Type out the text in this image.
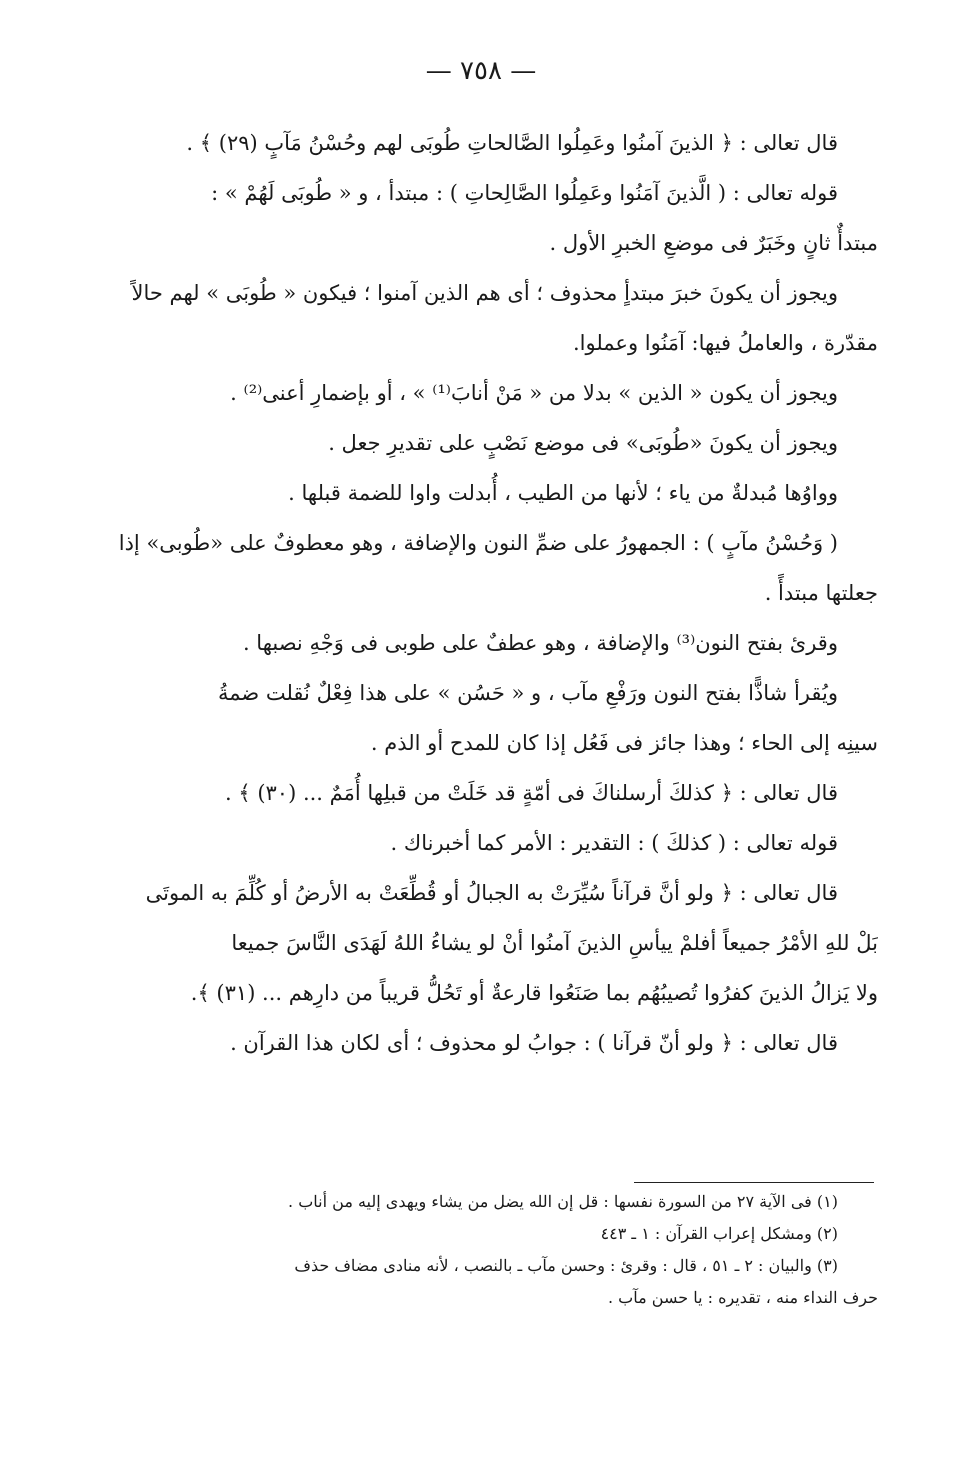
— ٧٥٨ —
قال تعالى : ﴿ الذينَ آمنُوا وعَمِلُوا الصَّالحاتِ طُوبَى لهم وحُسْنُ مَآبٍ (٢٩) ﴾ .
قوله تعالى : ( الَّذينَ آمَنُوا وعَمِلُوا الصَّالِحاتِ ) : مبتدأ ، و « طُوبَى لَهُمْ » :
مبتدأٌ ثانٍ وخَبَرٌ فى موضعِ الخبرِ الأول .
ويجوز أن يكونَ خبرَ مبتدأٍ محذوف ؛ أى هم الذين آمنوا ؛ فيكون « طُوبَى » لهم حالاً
مقدّرة ، والعاملُ فيها: آمَنُوا وعملوا.
ويجوز أن يكون « الذين » بدلا من « مَنْ أنابَ⁽¹⁾ » ، أو بإضمارِ أعنى⁽²⁾ .
ويجوز أن يكونَ «طُوبَى» فى موضع نَصْبٍ على تقديرِ جعل .
وواوُها مُبدلةٌ من ياء ؛ لأنها من الطيب ، أُبدلت واوا للضمة قبلها .
( وَحُسْنُ مآبٍ ) : الجمهورُ على ضمِّ النون والإضافة ، وهو معطوفٌ على «طُوبى» إذا
جعلتها مبتدأً .
وقرئ بفتح النون⁽³⁾ والإضافة ، وهو عطفٌ على طوبى فى وَجْهِ نصبها .
ويُقرأ شاذًّا بفتح النون ورَفْعِ مآب ، و « حَسُن » على هذا فِعْلٌ نُقلت ضمةُ
سينِه إلى الحاء ؛ وهذا جائز فى فَعُل إذا كان للمدح أو الذم .
قال تعالى : ﴿ كذلكَ أرسلناكَ فى أمّةٍ قد خَلَتْ من قبلِها أُمَمٌ ... (٣٠) ﴾ .
قوله تعالى : ( كذلكَ ) : التقدير : الأمر كما أخبرناك .
قال تعالى : ﴿ ولو أنَّ قرآناً سُيِّرَتْ به الجبالُ أو قُطِّعَتْ به الأرضُ أو كُلِّمَ به الموتَى
بَلْ للهِ الأمْرُ جميعاً أفلمْ ييأسِ الذينَ آمنُوا أنْ لو يشاءُ اللهُ لَهَدَى النَّاسَ جميعا
ولا يَزالُ الذينَ كفرُوا تُصيبُهُم بما صَنَعُوا قارعةٌ أو تَحُلُّ قريباً من دارِهم ... (٣١) ﴾.
قال تعالى : ﴿ ولو أنّ قرآنا ) : جوابُ لو محذوف ؛ أى لكان هذا القرآن .
(١) فى الآية ٢٧ من السورة نفسها : قل إن الله يضل من يشاء ويهدى إليه من أناب .
(٢) ومشكل إعراب القرآن : ١ ـ ٤٤٣
(٣) والبيان : ٢ ـ ٥١ ، قال : وقرئ : وحسن مآب ـ بالنصب ، لأنه منادى مضاف حذف
حرف النداء منه ، تقديره : يا حسن مآب .
